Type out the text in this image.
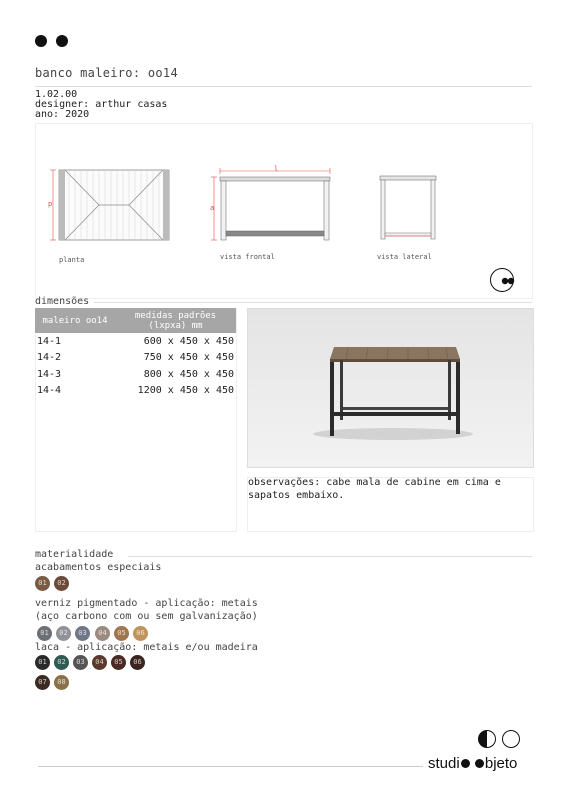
banco maleiro: oo14
1.02.00
designer: arthur casas
ano: 2020
p
planta
l
a
vista frontal	vista lateral
dimensões
maleiro oo14	medidas padrões
(lxpxa) mm

14-1	600 x 450 x 450
14-2	750 x 450 x 450
14-3	800 x 450 x 450
14-4	1200 x 450 x 450
observações: cabe mala de cabine em cima e sapatos embaixo.
materialidade
acabamentos especiais
01	02
verniz pigmentado - aplicação: metais
(aço carbono com ou sem galvanização)
01	02	03	04	05	06
laca - aplicação: metais e/ou madeira
01	02	03	04	05	06
07	08
studi bjeto
